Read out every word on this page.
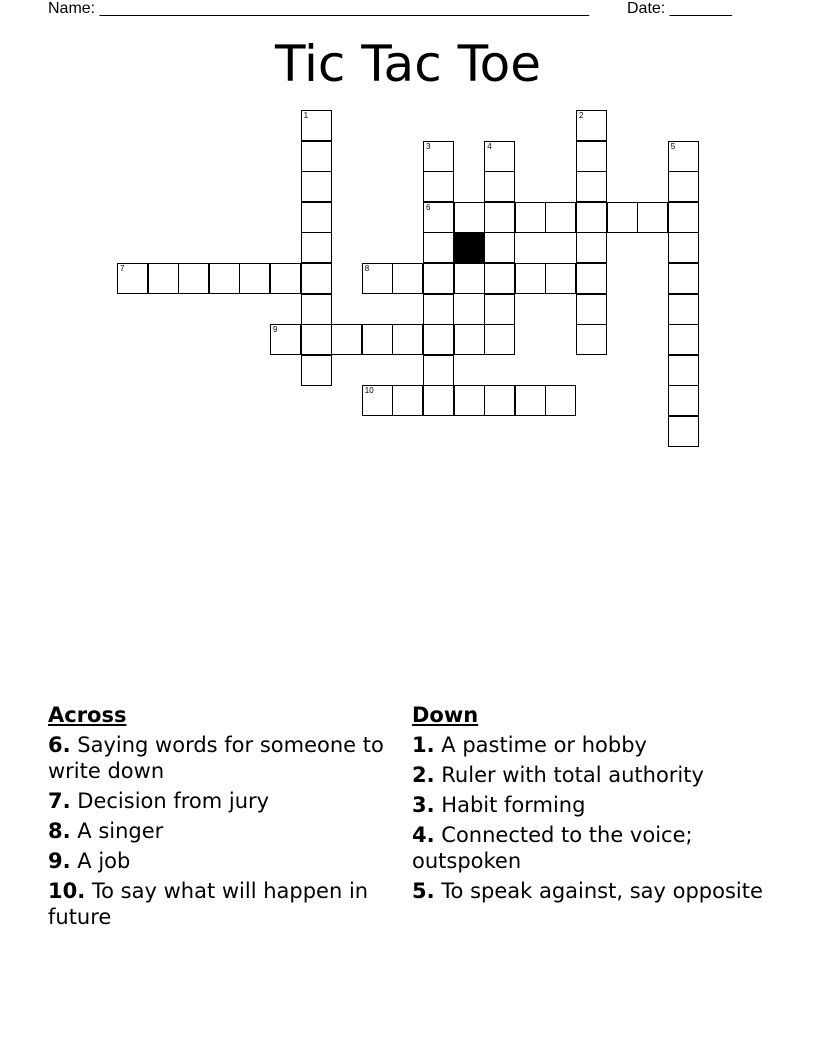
Name: _______________________________________________________ Date: _______
Tic Tac Toe
1	2
3
6
4	5
7	8
9
10
Across
6. Saying words for someone to write down
7. Decision from jury
8. A singer
9. A job
10. To say what will happen in future
Down
1. A pastime or hobby
2. Ruler with total authority
3. Habit forming
4. Connected to the voice; outspoken
5. To speak against, say opposite
